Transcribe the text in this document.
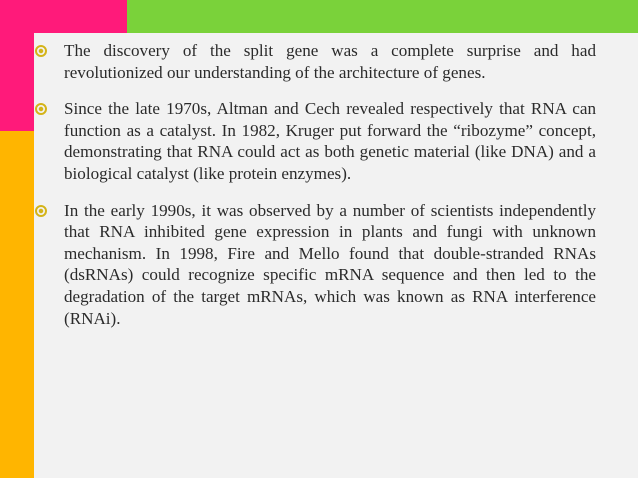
The discovery of the split gene was a complete surprise and had revolutionized our understanding of the architecture of genes.
Since the late 1970s, Altman and Cech revealed respectively that RNA can function as a catalyst. In 1982, Kruger put forward the “ribozyme” concept, demonstrating that RNA could act as both genetic material (like DNA) and a biological catalyst (like protein enzymes).
In the early 1990s, it was observed by a number of scientists independently that RNA inhibited gene expression in plants and fungi with unknown mechanism. In 1998, Fire and Mello found that double-stranded RNAs (dsRNAs) could recognize specific mRNA sequence and then led to the degradation of the target mRNAs, which was known as RNA interference (RNAi).
